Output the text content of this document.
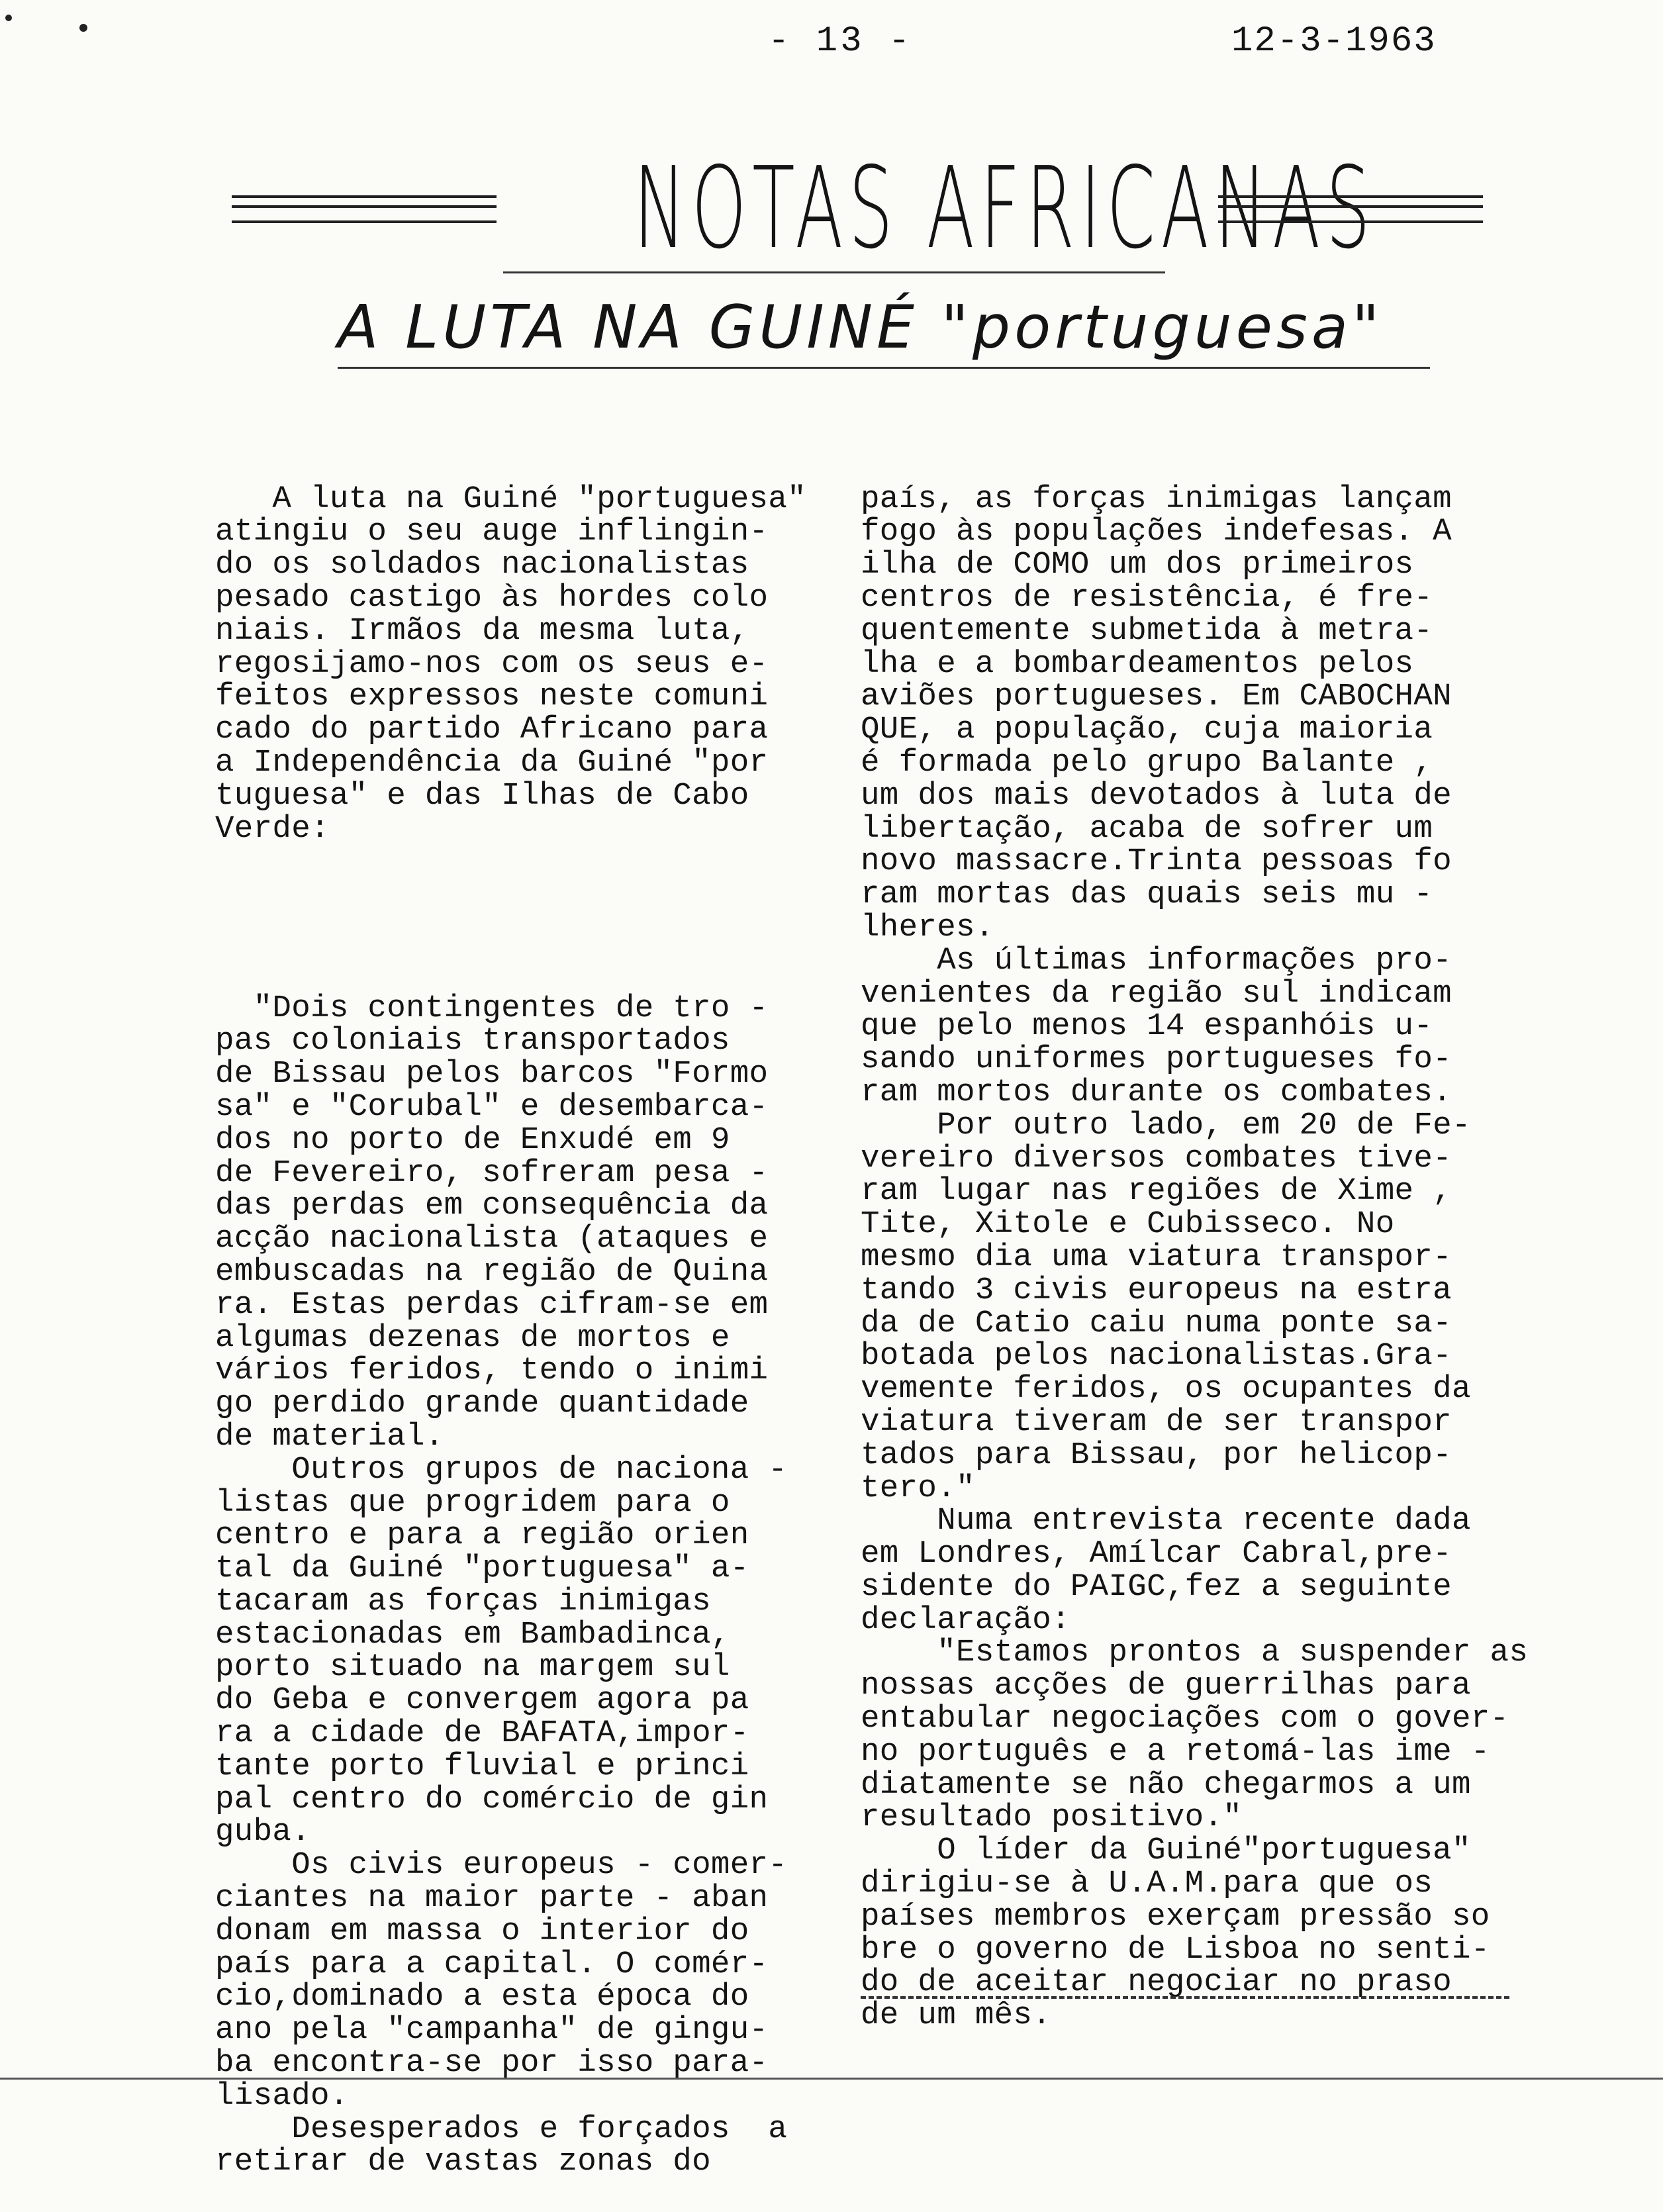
- 13 -	12-3-1963
NOTAS AFRICANAS
A LUTA NA GUINÉ "portuguesa"

A luta na Guiné "portuguesa"
atingiu o seu auge inflingin-
do os soldados nacionalistas
pesado castigo às hordes colo
niais. Irmãos da mesma luta,
regosijamo-nos com os seus e-
feitos expressos neste comuni
cado do partido Africano para
a Independência da Guiné "por
tuguesa" e das Ilhas de Cabo
Verde:

"Dois contingentes de tro -
pas coloniais transportados
de Bissau pelos barcos "Formo
sa" e "Corubal" e desembarca-
dos no porto de Enxudé em 9
de Fevereiro, sofreram pesa -
das perdas em consequência da
acção nacionalista (ataques e
embuscadas na região de Quina
ra. Estas perdas cifram-se em
algumas dezenas de mortos e
vários feridos, tendo o inimi
go perdido grande quantidade
de material.
Outros grupos de naciona -
listas que progridem para o
centro e para a região orien
tal da Guiné "portuguesa" a-
tacaram as forças inimigas
estacionadas em Bambadinca,
porto situado na margem sul
do Geba e convergem agora pa
ra a cidade de BAFATA,impor-
tante porto fluvial e princi
pal centro do comércio de gin
guba.
Os civis europeus - comer-
ciantes na maior parte - aban
donam em massa o interior do
país para a capital. O comér-
cio,dominado a esta época do
ano pela "campanha" de gingu-
ba encontra-se por isso para-
lisado.
Desesperados e forçados  a
retirar de vastas zonas do

país, as forças inimigas lançam
fogo às populações indefesas. A
ilha de COMO um dos primeiros
centros de resistência, é fre-
quentemente submetida à metra-
lha e a bombardeamentos pelos
aviões portugueses. Em CABOCHAN
QUE, a população, cuja maioria
é formada pelo grupo Balante ,
um dos mais devotados à luta de
libertação, acaba de sofrer um
novo massacre.Trinta pessoas fo
ram mortas das quais seis mu -
lheres.
As últimas informações pro-
venientes da região sul indicam
que pelo menos 14 espanhóis u-
sando uniformes portugueses fo-
ram mortos durante os combates.
Por outro lado, em 20 de Fe-
vereiro diversos combates tive-
ram lugar nas regiões de Xime ,
Tite, Xitole e Cubisseco. No
mesmo dia uma viatura transpor-
tando 3 civis europeus na estra
da de Catio caiu numa ponte sa-
botada pelos nacionalistas.Gra-
vemente feridos, os ocupantes da
viatura tiveram de ser transpor
tados para Bissau, por helicop-
tero."
Numa entrevista recente dada
em Londres, Amílcar Cabral,pre-
sidente do PAIGC,fez a seguinte
declaração:
"Estamos prontos a suspender as
nossas acções de guerrilhas para
entabular negociações com o gover-
no português e a retomá-las ime -
diatamente se não chegarmos a um
resultado positivo."
O líder da Guiné"portuguesa"
dirigiu-se à U.A.M.para que os
países membros exerçam pressão so
bre o governo de Lisboa no senti-
do de aceitar negociar no praso
de um mês.
